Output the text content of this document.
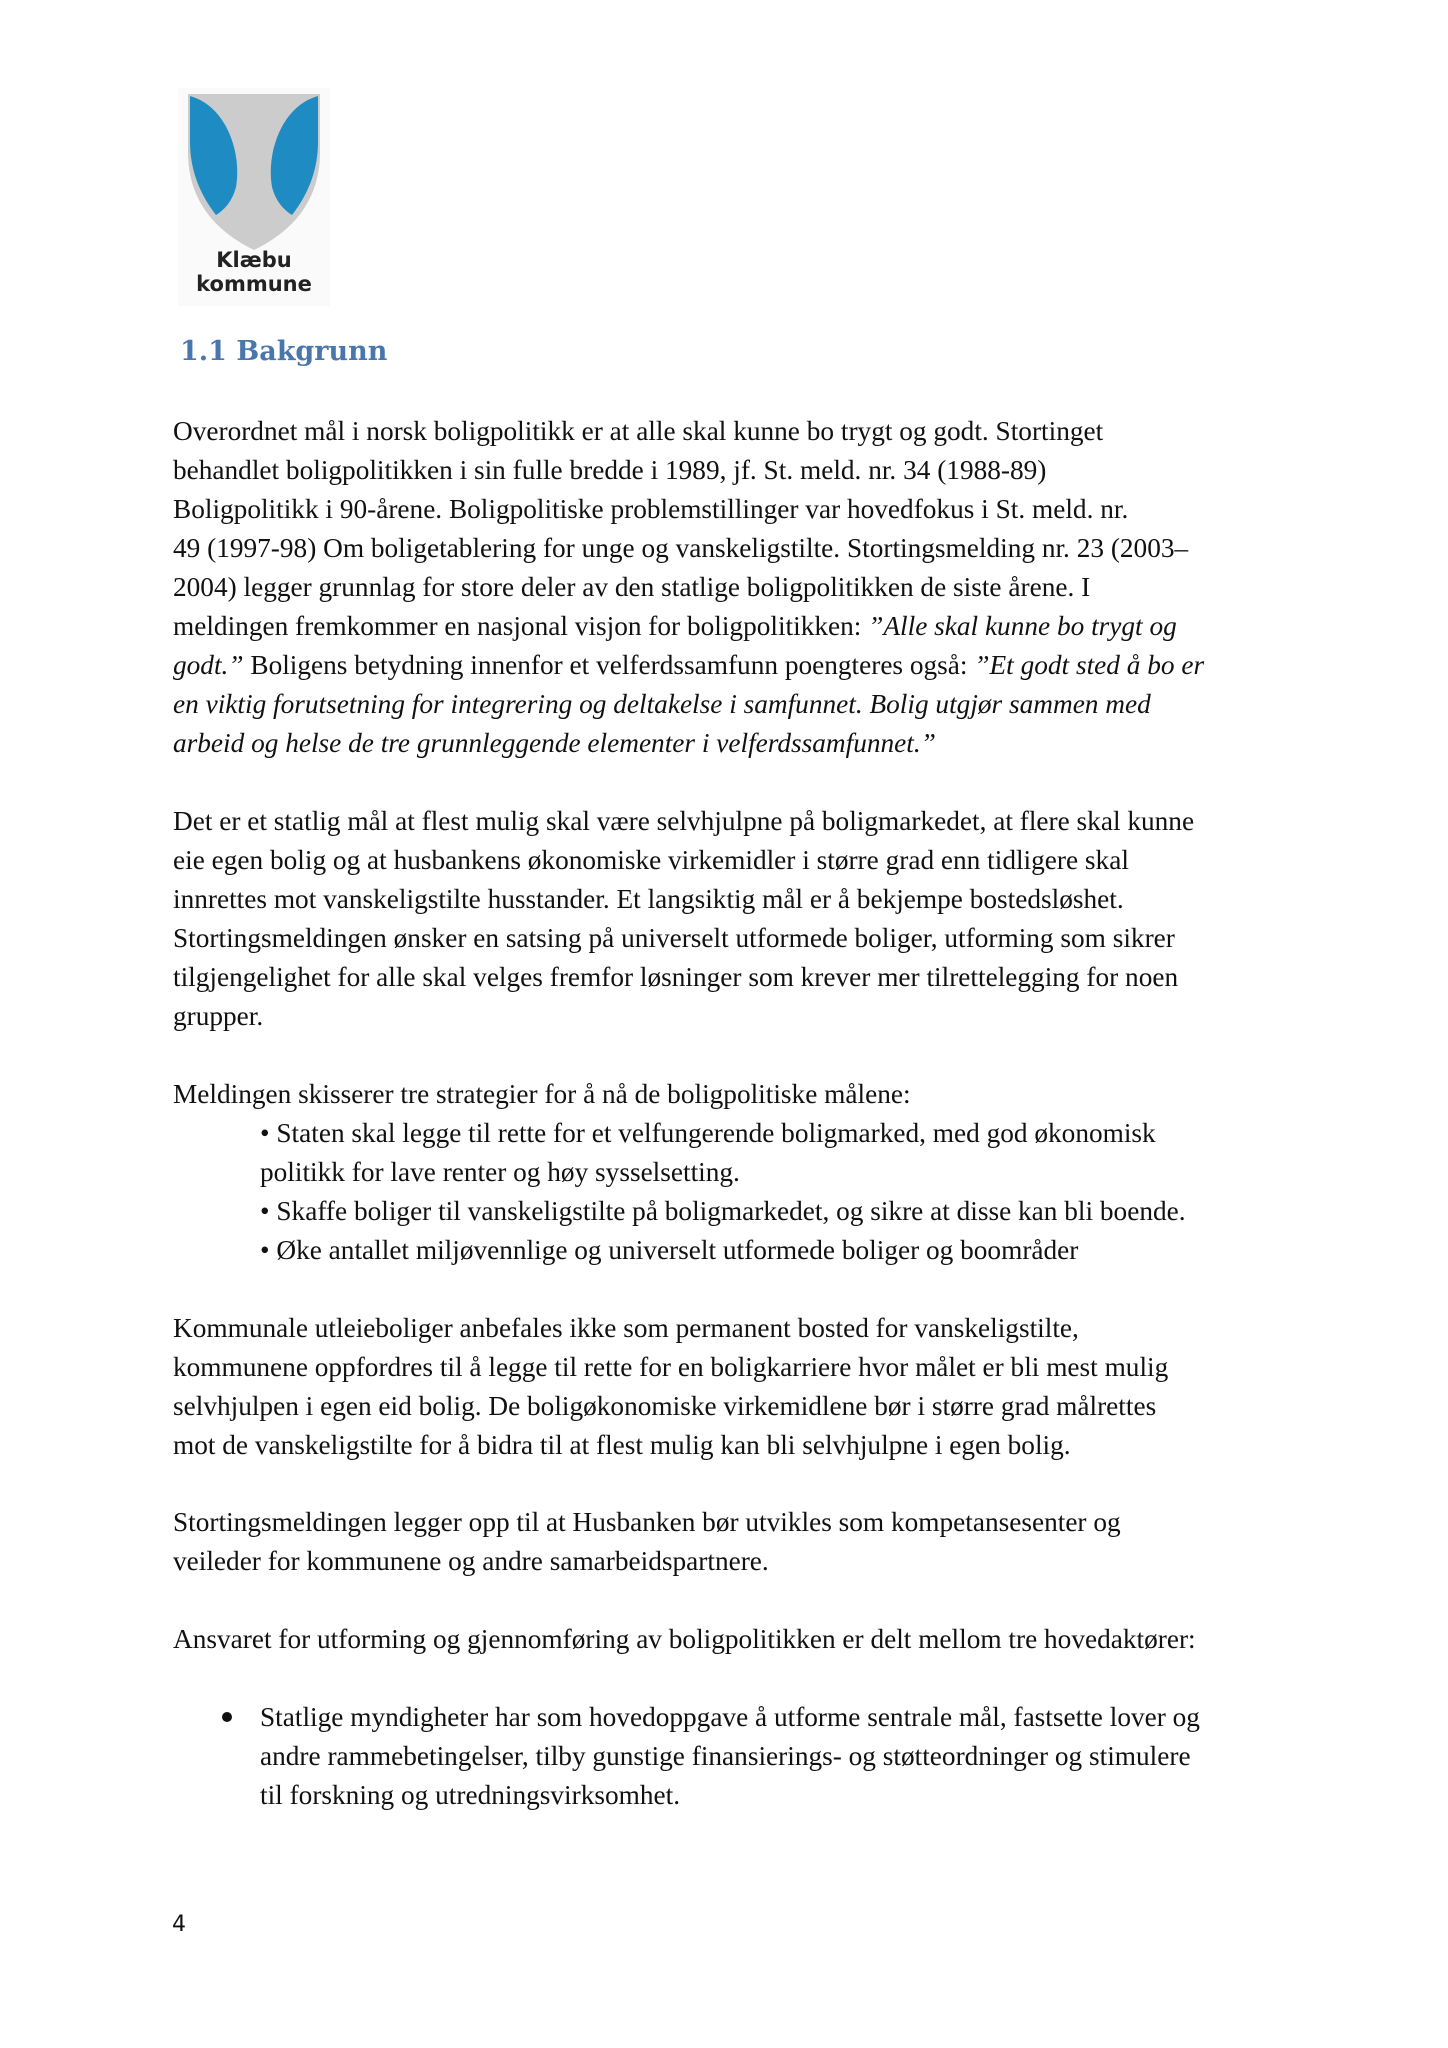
Klæbu
kommune
1.1 Bakgrunn
Overordnet mål i norsk boligpolitikk er at alle skal kunne bo trygt og godt. Stortinget
behandlet boligpolitikken i sin fulle bredde i 1989, jf. St. meld. nr. 34 (1988-89)
Boligpolitikk i 90-årene. Boligpolitiske problemstillinger var hovedfokus i St. meld. nr.
49 (1997-98) Om boligetablering for unge og vanskeligstilte. Stortingsmelding nr. 23 (2003–
2004) legger grunnlag for store deler av den statlige boligpolitikken de siste årene. I
meldingen fremkommer en nasjonal visjon for boligpolitikken: ”Alle skal kunne bo trygt og
godt.” Boligens betydning innenfor et velferdssamfunn poengteres også: ”Et godt sted å bo er
en viktig forutsetning for integrering og deltakelse i samfunnet. Bolig utgjør sammen med
arbeid og helse de tre grunnleggende elementer i velferdssamfunnet.”
Det er et statlig mål at flest mulig skal være selvhjulpne på boligmarkedet, at flere skal kunne
eie egen bolig og at husbankens økonomiske virkemidler i større grad enn tidligere skal
innrettes mot vanskeligstilte husstander. Et langsiktig mål er å bekjempe bostedsløshet.
Stortingsmeldingen ønsker en satsing på universelt utformede boliger, utforming som sikrer
tilgjengelighet for alle skal velges fremfor løsninger som krever mer tilrettelegging for noen
grupper.
Meldingen skisserer tre strategier for å nå de boligpolitiske målene:
• Staten skal legge til rette for et velfungerende boligmarked, med god økonomisk
politikk for lave renter og høy sysselsetting.
• Skaffe boliger til vanskeligstilte på boligmarkedet, og sikre at disse kan bli boende.
• Øke antallet miljøvennlige og universelt utformede boliger og boområder
Kommunale utleieboliger anbefales ikke som permanent bosted for vanskeligstilte,
kommunene oppfordres til å legge til rette for en boligkarriere hvor målet er bli mest mulig
selvhjulpen i egen eid bolig. De boligøkonomiske virkemidlene bør i større grad målrettes
mot de vanskeligstilte for å bidra til at flest mulig kan bli selvhjulpne i egen bolig.
Stortingsmeldingen legger opp til at Husbanken bør utvikles som kompetansesenter og
veileder for kommunene og andre samarbeidspartnere.
Ansvaret for utforming og gjennomføring av boligpolitikken er delt mellom tre hovedaktører:
Statlige myndigheter har som hovedoppgave å utforme sentrale mål, fastsette lover og
andre rammebetingelser, tilby gunstige finansierings- og støtteordninger og stimulere
til forskning og utredningsvirksomhet.
4
